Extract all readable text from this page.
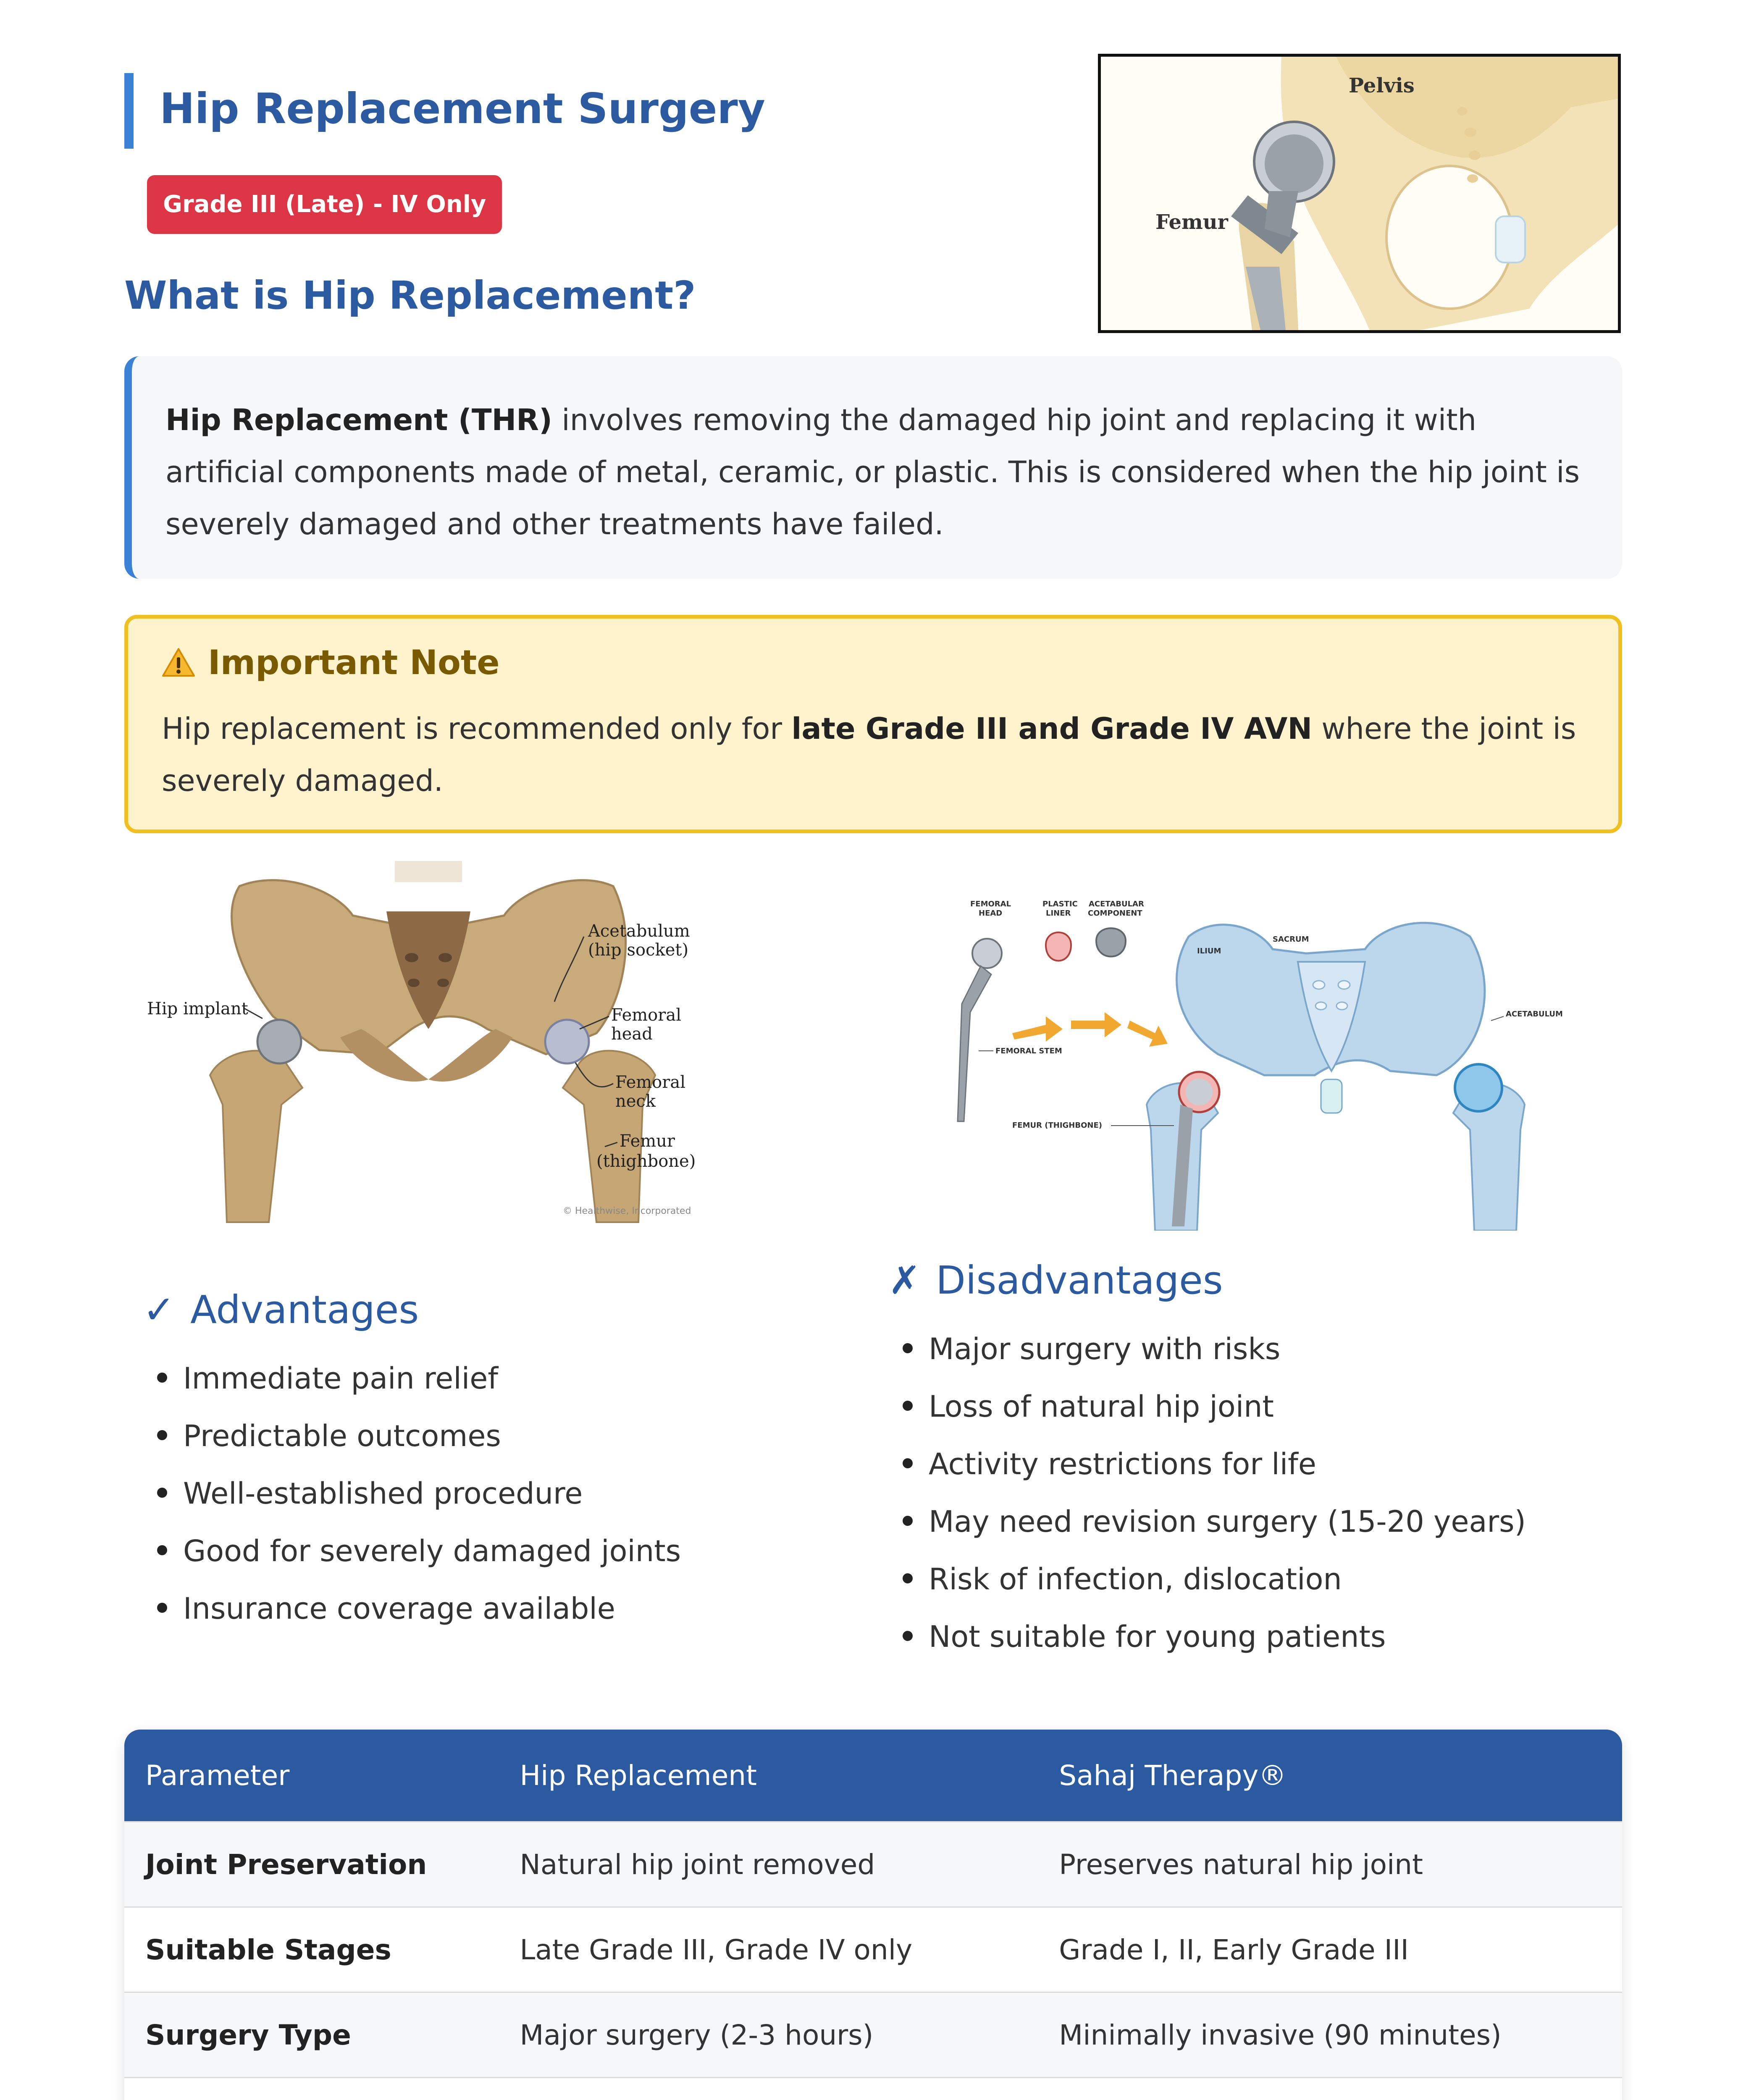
Hip Replacement Surgery
Grade III (Late) - IV Only
What is Hip Replacement?
Pelvis
Femur
Hip Replacement (THR) involves removing the damaged hip joint and replacing it with artificial components made of metal, ceramic, or plastic. This is considered when the hip joint is severely damaged and other treatments have failed.
Important Note
Hip replacement is recommended only for late Grade III and Grade IV AVN where the joint is severely damaged.
Hip implant
Acetabulum
(hip socket)
Femoral
head
Femoral
neck
Femur
(thighbone)
© Healthwise, Incorporated
FEMORAL
HEAD
PLASTIC
LINER
ACETABULAR
COMPONENT
ILIUM
SACRUM
ACETABULUM
FEMORAL STEM
FEMUR (THIGHBONE)
✓ Advantages
Immediate pain relief
Predictable outcomes
Well-established procedure
Good for severely damaged joints
Insurance coverage available
✗ Disadvantages
Major surgery with risks
Loss of natural hip joint
Activity restrictions for life
May need revision surgery (15-20 years)
Risk of infection, dislocation
Not suitable for young patients
Parameter	Hip Replacement	Sahaj Therapy®
Joint Preservation	Natural hip joint removed	Preserves natural hip joint
Suitable Stages	Late Grade III, Grade IV only	Grade I, II, Early Grade III
Surgery Type	Major surgery (2-3 hours)	Minimally invasive (90 minutes)
